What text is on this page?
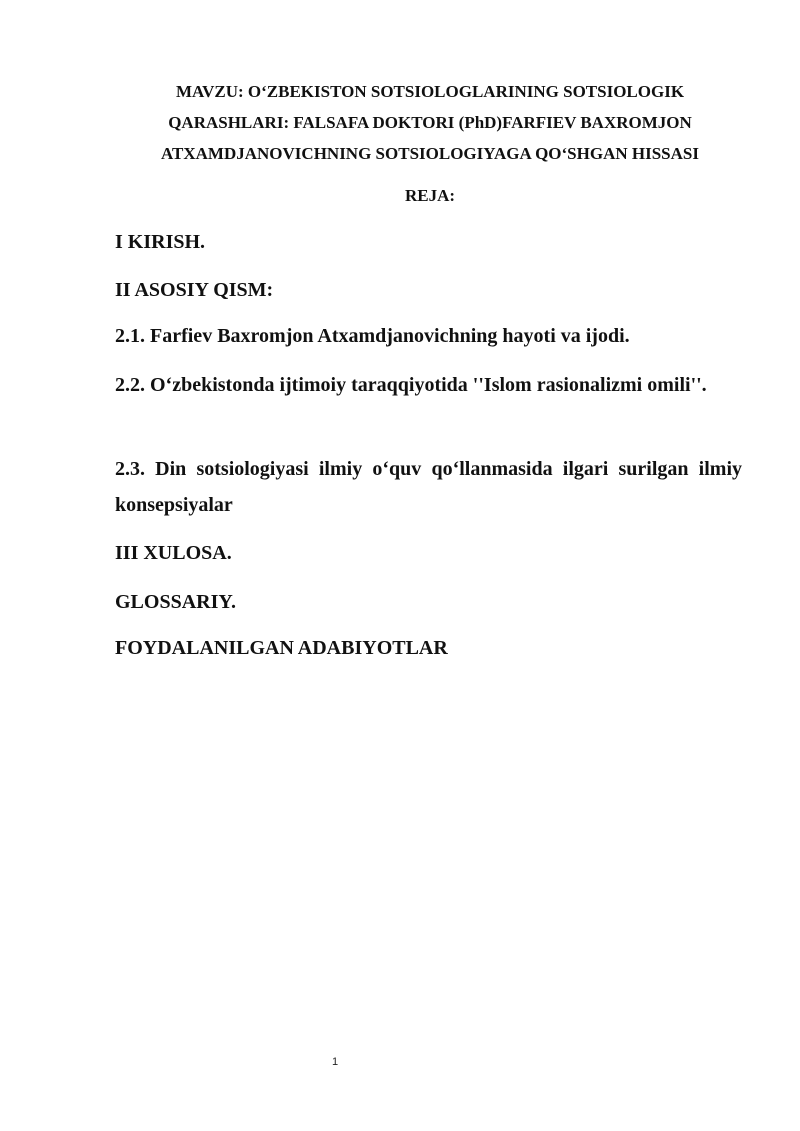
MAVZU: O‘ZBEKISTON SOTSIOLOGLARINING SOTSIOLOGIK
QARASHLARI: FALSAFA DOKTORI (PhD)FARFIEV BAXROMJON
ATXAMDJANOVICHNING SOTSIOLOGIYAGA QO‘SHGAN HISSASI
REJA:
I KIRISH.
II ASOSIY QISM:
2.1. Farfiev Baxromjon Atxamdjanovichning hayoti va ijodi.
2.2. O‘zbekistonda ijtimoiy taraqqiyotida ''Islom rasionalizmi omili''.
2.3. Din sotsiologiyasi ilmiy o‘quv qo‘llanmasida ilgari surilgan ilmiy konsepsiyalar
III XULOSA.
GLOSSARIY.
FOYDALANILGAN ADABIYOTLAR
1
